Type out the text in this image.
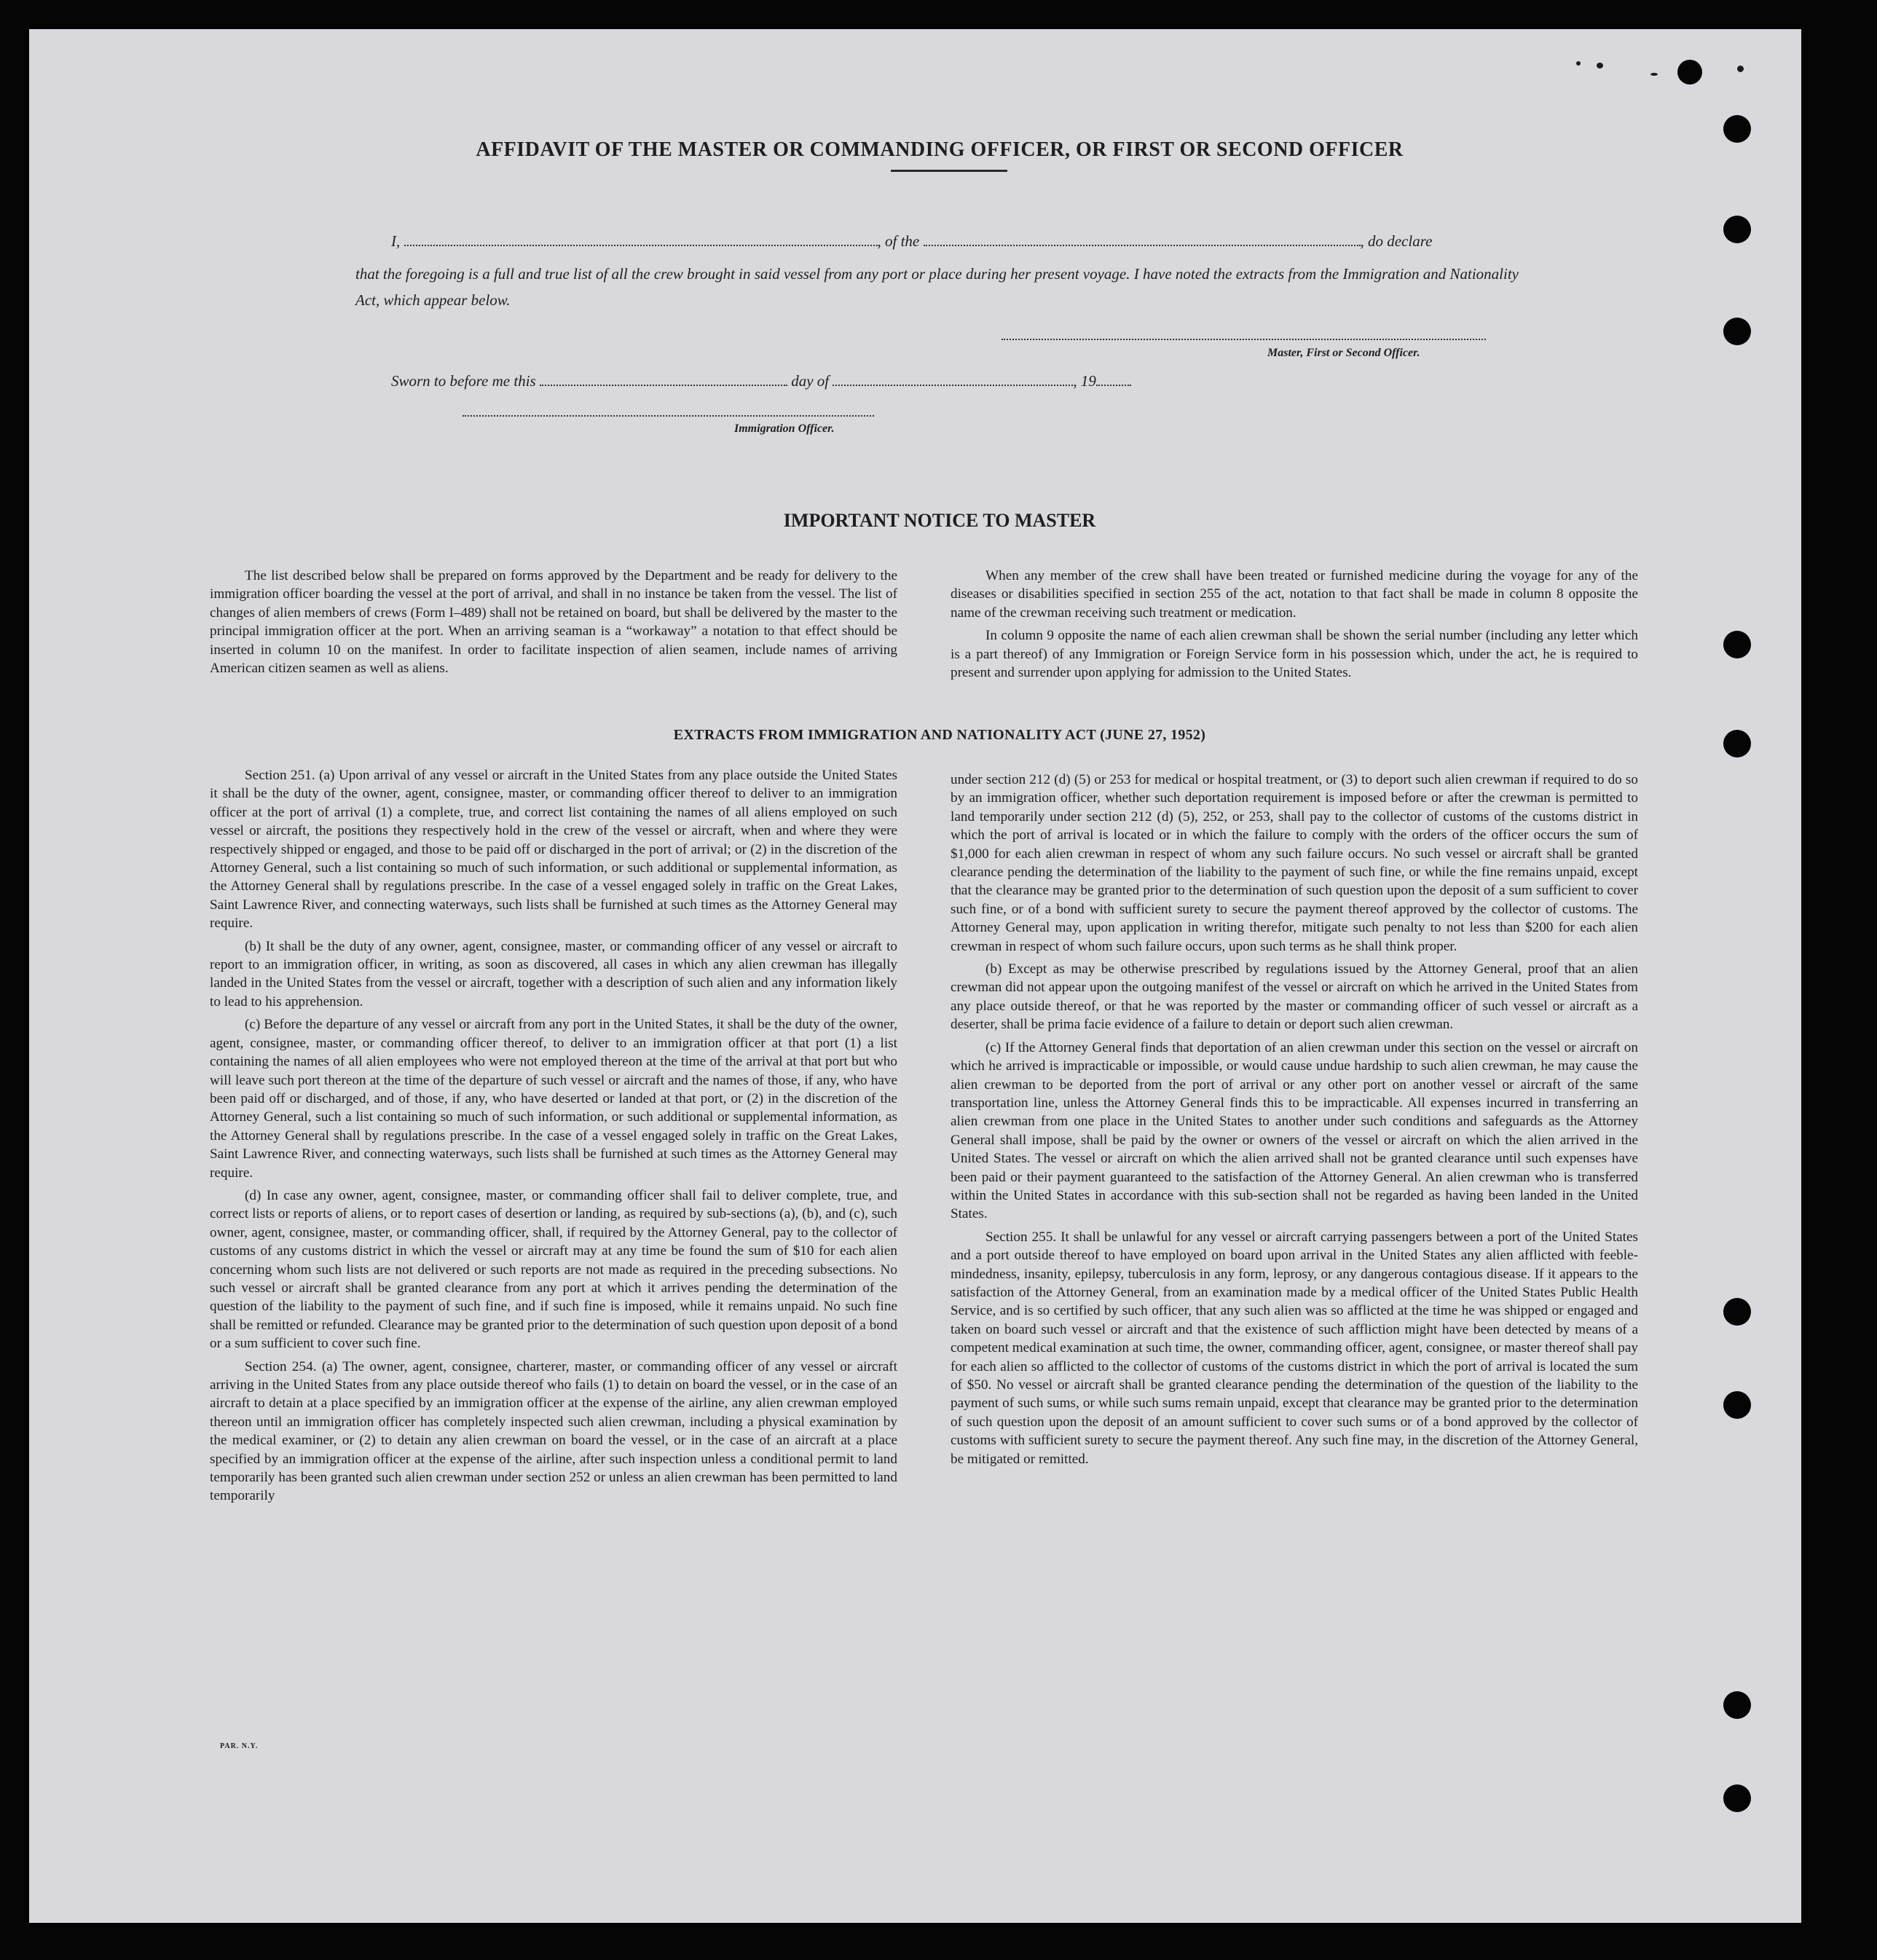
AFFIDAVIT OF THE MASTER OR COMMANDING OFFICER, OR FIRST OR SECOND OFFICER
I,	, of the	, do declare
that the foregoing is a full and true list of all the crew brought in said vessel from any port or place during her present voyage. I have noted the extracts from the Immigration and Nationality Act, which appear below.
Master, First or Second Officer.
Sworn to before me this	day of	, 19
Immigration Officer.
IMPORTANT NOTICE TO MASTER

The list described below shall be prepared on forms approved by the Department and be ready for delivery to the immigration officer boarding the vessel at the port of arrival, and shall in no instance be taken from the vessel. The list of changes of alien members of crews (Form I–489) shall not be retained on board, but shall be delivered by the master to the principal immigration officer at the port. When an arriving seaman is a “workaway” a notation to that effect should be inserted in column 10 on the manifest. In order to facilitate inspection of alien seamen, include names of arriving American citizen seamen as well as aliens.

When any member of the crew shall have been treated or furnished medicine during the voyage for any of the diseases or disabilities specified in section 255 of the act, notation to that fact shall be made in column 8 opposite the name of the crewman receiving such treatment or medication.

In column 9 opposite the name of each alien crewman shall be shown the serial number (including any letter which is a part thereof) of any Immigration or Foreign Service form in his possession which, under the act, he is required to present and surrender upon applying for admission to the United States.

EXTRACTS FROM IMMIGRATION AND NATIONALITY ACT (JUNE 27, 1952)

Section 251. (a) Upon arrival of any vessel or aircraft in the United States from any place outside the United States it shall be the duty of the owner, agent, consignee, master, or commanding officer thereof to deliver to an immigration officer at the port of arrival (1) a complete, true, and correct list containing the names of all aliens employed on such vessel or aircraft, the positions they respectively hold in the crew of the vessel or aircraft, when and where they were respectively shipped or engaged, and those to be paid off or discharged in the port of arrival; or (2) in the discretion of the Attorney General, such a list containing so much of such information, or such additional or supplemental information, as the Attorney General shall by regulations prescribe. In the case of a vessel engaged solely in traffic on the Great Lakes, Saint Lawrence River, and connecting waterways, such lists shall be furnished at such times as the Attorney General may require.

(b) It shall be the duty of any owner, agent, consignee, master, or commanding officer of any vessel or aircraft to report to an immigration officer, in writing, as soon as discovered, all cases in which any alien crewman has illegally landed in the United States from the vessel or aircraft, together with a description of such alien and any information likely to lead to his apprehension.

(c) Before the departure of any vessel or aircraft from any port in the United States, it shall be the duty of the owner, agent, consignee, master, or commanding officer thereof, to deliver to an immigration officer at that port (1) a list containing the names of all alien employees who were not employed thereon at the time of the arrival at that port but who will leave such port thereon at the time of the departure of such vessel or aircraft and the names of those, if any, who have been paid off or discharged, and of those, if any, who have deserted or landed at that port, or (2) in the discretion of the Attorney General, such a list containing so much of such information, or such additional or supplemental information, as the Attorney General shall by regulations prescribe. In the case of a vessel engaged solely in traffic on the Great Lakes, Saint Lawrence River, and connecting waterways, such lists shall be furnished at such times as the Attorney General may require.

(d) In case any owner, agent, consignee, master, or commanding officer shall fail to deliver complete, true, and correct lists or reports of aliens, or to report cases of desertion or landing, as required by sub-sections (a), (b), and (c), such owner, agent, consignee, master, or commanding officer, shall, if required by the Attorney General, pay to the collector of customs of any customs district in which the vessel or aircraft may at any time be found the sum of $10 for each alien concerning whom such lists are not delivered or such reports are not made as required in the preceding subsections. No such vessel or aircraft shall be granted clearance from any port at which it arrives pending the determination of the question of the liability to the payment of such fine, and if such fine is imposed, while it remains unpaid. No such fine shall be remitted or refunded. Clearance may be granted prior to the determination of such question upon deposit of a bond or a sum sufficient to cover such fine.

Section 254. (a) The owner, agent, consignee, charterer, master, or commanding officer of any vessel or aircraft arriving in the United States from any place outside thereof who fails (1) to detain on board the vessel, or in the case of an aircraft to detain at a place specified by an immigration officer at the expense of the airline, any alien crewman employed thereon until an immigration officer has completely inspected such alien crewman, including a physical examination by the medical examiner, or (2) to detain any alien crewman on board the vessel, or in the case of an aircraft at a place specified by an immigration officer at the expense of the airline, after such inspection unless a conditional permit to land temporarily has been granted such alien crewman under section 252 or unless an alien crewman has been permitted to land temporarily

under section 212 (d) (5) or 253 for medical or hospital treatment, or (3) to deport such alien crewman if required to do so by an immigration officer, whether such deportation requirement is imposed before or after the crewman is permitted to land temporarily under section 212 (d) (5), 252, or 253, shall pay to the collector of customs of the customs district in which the port of arrival is located or in which the failure to comply with the orders of the officer occurs the sum of $1,000 for each alien crewman in respect of whom any such failure occurs. No such vessel or aircraft shall be granted clearance pending the determination of the liability to the payment of such fine, or while the fine remains unpaid, except that the clearance may be granted prior to the determination of such question upon the deposit of a sum sufficient to cover such fine, or of a bond with sufficient surety to secure the payment thereof approved by the collector of customs. The Attorney General may, upon application in writing therefor, mitigate such penalty to not less than $200 for each alien crewman in respect of whom such failure occurs, upon such terms as he shall think proper.

(b) Except as may be otherwise prescribed by regulations issued by the Attorney General, proof that an alien crewman did not appear upon the outgoing manifest of the vessel or aircraft on which he arrived in the United States from any place outside thereof, or that he was reported by the master or commanding officer of such vessel or aircraft as a deserter, shall be prima facie evidence of a failure to detain or deport such alien crewman.

(c) If the Attorney General finds that deportation of an alien crewman under this section on the vessel or aircraft on which he arrived is impracticable or impossible, or would cause undue hardship to such alien crewman, he may cause the alien crewman to be deported from the port of arrival or any other port on another vessel or aircraft of the same transportation line, unless the Attorney General finds this to be impracticable. All expenses incurred in transferring an alien crewman from one place in the United States to another under such conditions and safeguards as the Attorney General shall impose, shall be paid by the owner or owners of the vessel or aircraft on which the alien arrived in the United States. The vessel or aircraft on which the alien arrived shall not be granted clearance until such expenses have been paid or their payment guaranteed to the satisfaction of the Attorney General. An alien crewman who is transferred within the United States in accordance with this sub-section shall not be regarded as having been landed in the United States.

Section 255. It shall be unlawful for any vessel or aircraft carrying passengers between a port of the United States and a port outside thereof to have employed on board upon arrival in the United States any alien afflicted with feeble-mindedness, insanity, epilepsy, tuberculosis in any form, leprosy, or any dangerous contagious disease. If it appears to the satisfaction of the Attorney General, from an examination made by a medical officer of the United States Public Health Service, and is so certified by such officer, that any such alien was so afflicted at the time he was shipped or engaged and taken on board such vessel or aircraft and that the existence of such affliction might have been detected by means of a competent medical examination at such time, the owner, commanding officer, agent, consignee, or master thereof shall pay for each alien so afflicted to the collector of customs of the customs district in which the port of arrival is located the sum of $50. No vessel or aircraft shall be granted clearance pending the determination of the question of the liability to the payment of such sums, or while such sums remain unpaid, except that clearance may be granted prior to the determination of such question upon the deposit of an amount sufficient to cover such sums or of a bond approved by the collector of customs with sufficient surety to secure the payment thereof. Any such fine may, in the discretion of the Attorney General, be mitigated or remitted.

PAR. N.Y.
